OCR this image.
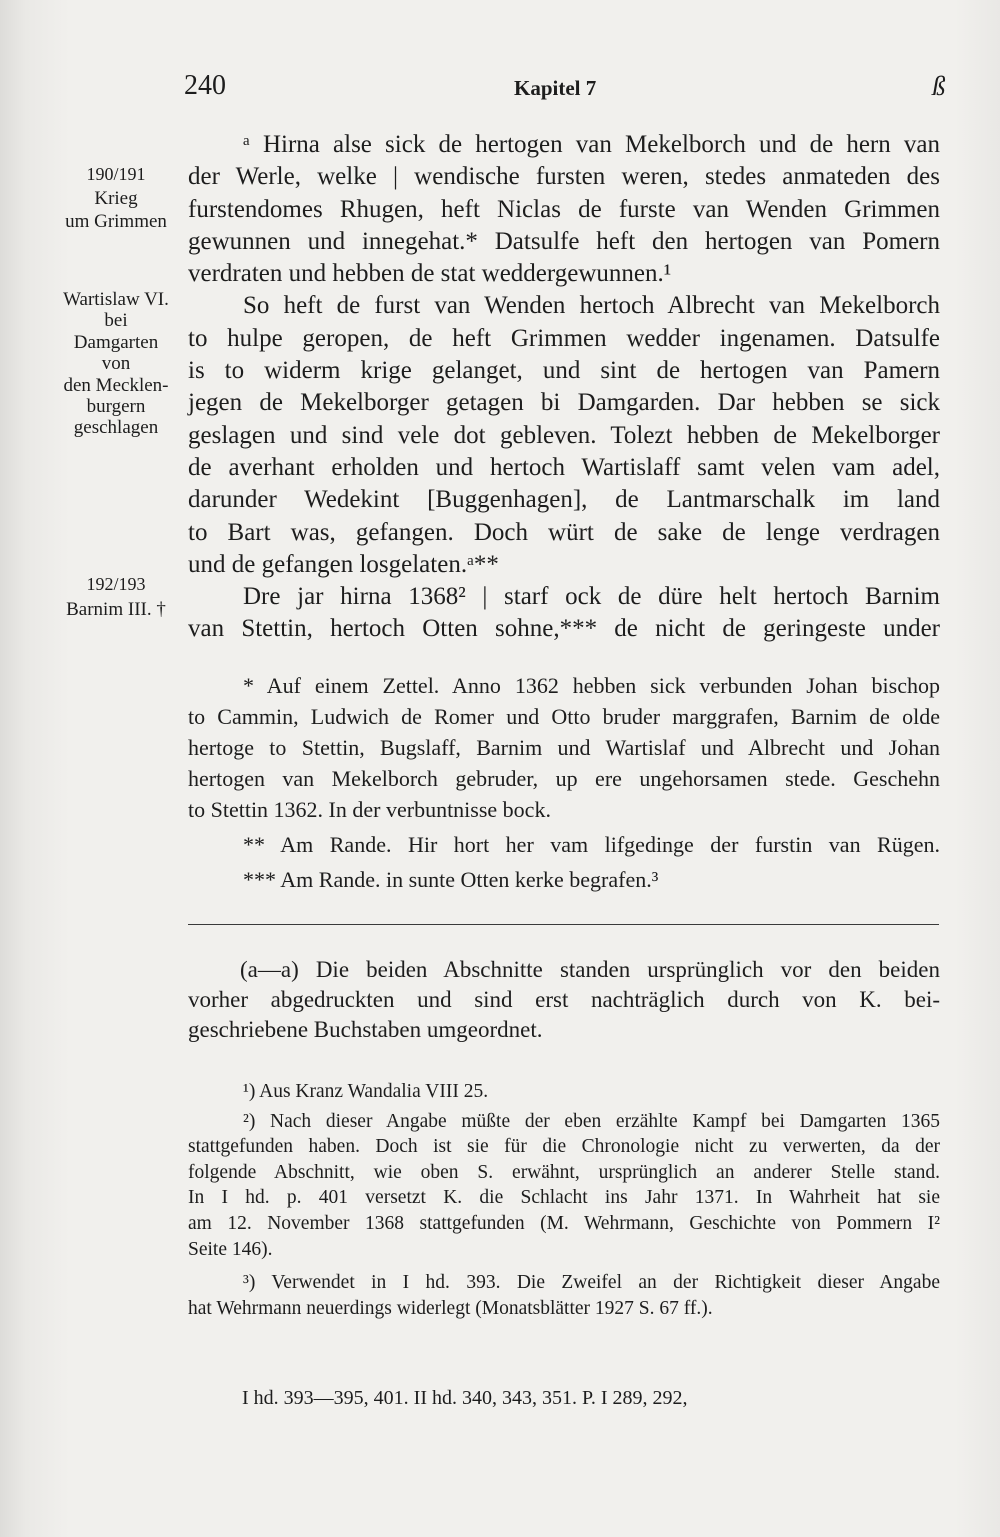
240	Kapitel 7	ß
190/191
Krieg
um Grimmen
Wartislaw VI.
bei
Damgarten
von
den Mecklen-
burgern
geschlagen
192/193
Barnim III. †
ᵃ Hirna alse sick de hertogen van Mekelborch und de hern van
der Werle, welke | wendische fursten weren, stedes anmateden des
furstendomes Rhugen, heft Niclas de furste van Wenden Grimmen
gewunnen und innegehat.* Datsulfe heft den hertogen van Pomern
verdraten und hebben de stat weddergewunnen.¹
So heft de furst van Wenden hertoch Albrecht van Mekelborch
to hulpe geropen, de heft Grimmen wedder ingenamen. Datsulfe
is to widerm krige gelanget, und sint de hertogen van Pamern
jegen de Mekelborger getagen bi Damgarden. Dar hebben se sick
geslagen und sind vele dot gebleven. Tolezt hebben de Mekelborger
de averhant erholden und hertoch Wartislaff samt velen vam adel,
darunder Wedekint [Buggenhagen], de Lantmarschalk im land
to Bart was, gefangen. Doch würt de sake de lenge verdragen
und de gefangen losgelaten.ᵃ**
Dre jar hirna 1368² | starf ock de düre helt hertoch Barnim
van Stettin, hertoch Otten sohne,*** de nicht de geringeste under
* Auf einem Zettel. Anno 1362 hebben sick verbunden Johan bischop
to Cammin, Ludwich de Romer und Otto bruder marggrafen, Barnim de olde
hertoge to Stettin, Bugslaff, Barnim und Wartislaf und Albrecht und Johan
hertogen van Mekelborch gebruder, up ere ungehorsamen stede. Geschehn
to Stettin 1362. In der verbuntnisse bock.
** Am Rande. Hir hort her vam lifgedinge der furstin van Rügen.
*** Am Rande. in sunte Otten kerke begrafen.³
(a—a) Die beiden Abschnitte standen ursprünglich vor den beiden
vorher abgedruckten und sind erst nachträglich durch von K. bei-
geschriebene Buchstaben umgeordnet.
¹) Aus Kranz Wandalia VIII 25.
²) Nach dieser Angabe müßte der eben erzählte Kampf bei Damgarten 1365
stattgefunden haben. Doch ist sie für die Chronologie nicht zu verwerten, da der
folgende Abschnitt, wie oben S. erwähnt, ursprünglich an anderer Stelle stand.
In I hd. p. 401 versetzt K. die Schlacht ins Jahr 1371. In Wahrheit hat sie
am 12. November 1368 stattgefunden (M. Wehrmann, Geschichte von Pommern I²
Seite 146).
³) Verwendet in I hd. 393. Die Zweifel an der Richtigkeit dieser Angabe
hat Wehrmann neuerdings widerlegt (Monatsblätter 1927 S. 67 ff.).
I hd. 393—395, 401. II hd. 340, 343, 351. P. I 289, 292,
